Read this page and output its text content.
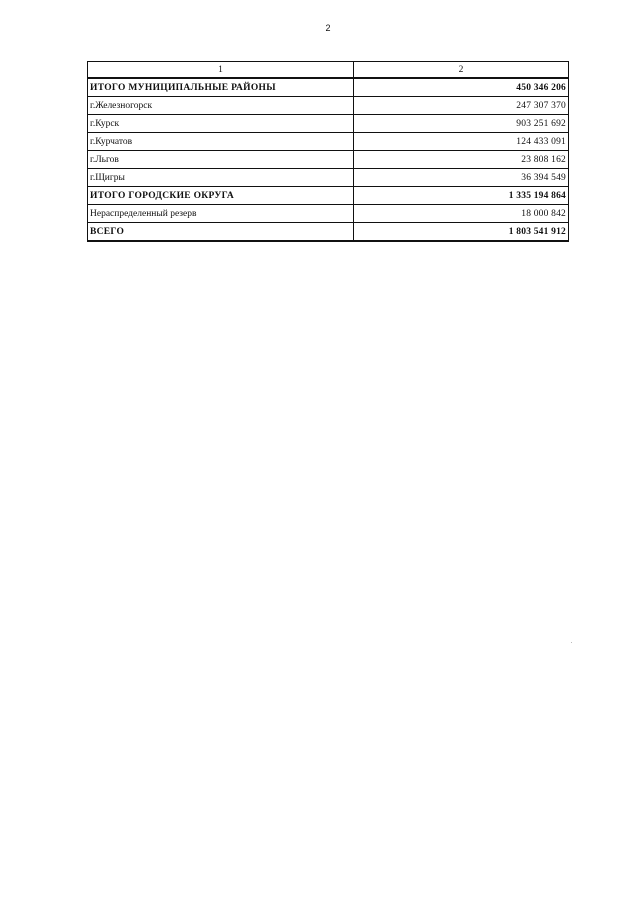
2
1	2
ИТОГО МУНИЦИПАЛЬНЫЕ РАЙОНЫ	450 346 206
г.Железногорск	247 307 370
г.Курск	903 251 692
г.Курчатов	124 433 091
г.Льгов	23 808 162
г.Щигры	36 394 549
ИТОГО ГОРОДСКИЕ ОКРУГА	1 335 194 864
Нераспределенный резерв	18 000 842
ВСЕГО	1 803 541 912
